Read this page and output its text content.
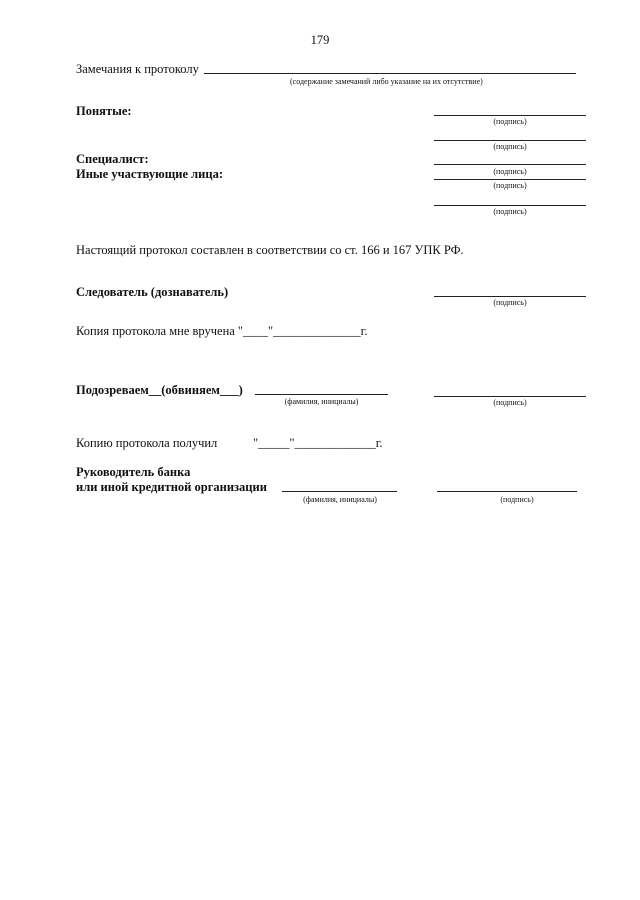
179
Замечания к протоколу
(содержание замечаний либо указание на их отсутствие)
Понятые:
(подпись)
(подпись)
Специалист:
(подпись)
Иные участвующие лица:
(подпись)
(подпись)
Настоящий протокол составлен в соответствии со ст. 166 и 167 УПК РФ.
Следователь (дознаватель)
(подпись)
Копия протокола мне вручена "____"______________г.
Подозреваем__(обвиняем___)
(фамилия, инициалы)	(подпись)
Копию протокола получил	"_____"_____________г.
Руководитель банка
или иной кредитной организации
(фамилия, инициалы)	(подпись)
